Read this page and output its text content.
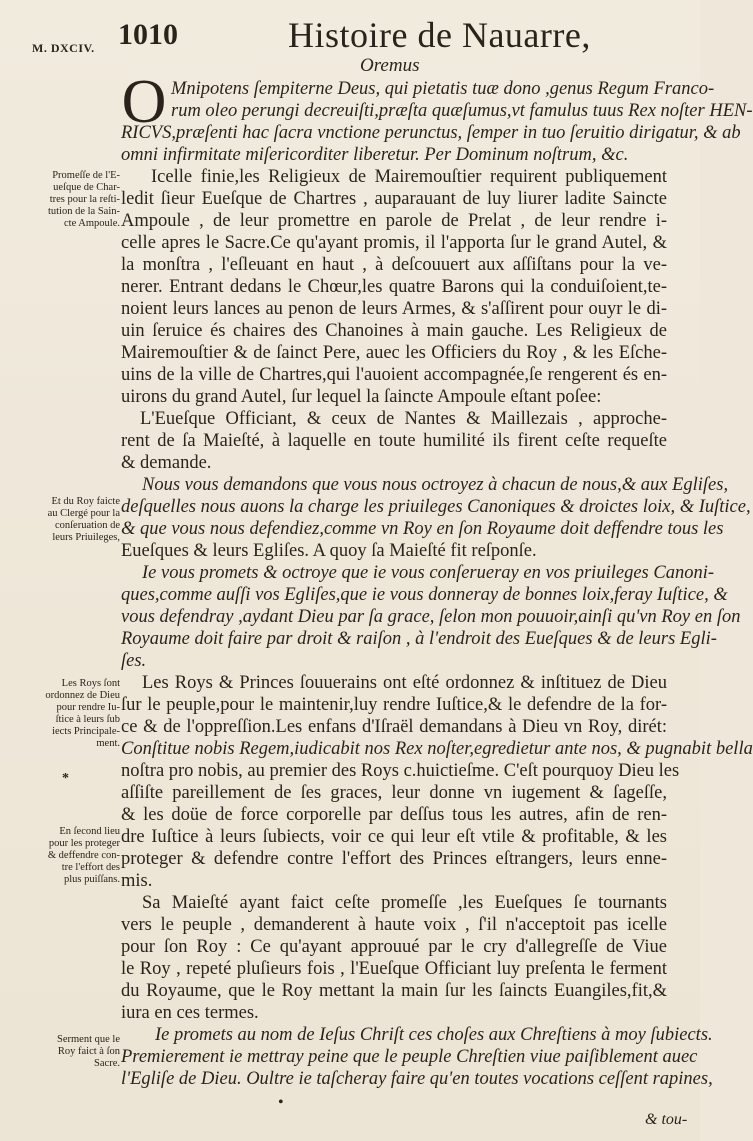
M. DXCIV. 1010	Histoire de Nauarre,
Oremus
O Mnipotens ſempiterne Deus, qui pietatis tuæ dono ,genus Regum Franco-
rum oleo perungi decreuiſti,præſta quæſumus,vt famulus tuus Rex noſter HEN-
RICVS,præſenti hac ſacra vnctione perunctus, ſemper in tuo ſeruitio dirigatur, & ab
omni infirmitate miſericorditer liberetur. Per Dominum noſtrum, &c.
Icelle finie,les Religieux de Mairemouſtier requirent publiquement
ledit ſieur Eueſque de Chartres , auparauant de luy liurer ladite Saincte
Ampoule , de leur promettre en parole de Prelat , de leur rendre i-
celle apres le Sacre.Ce qu'ayant promis, il l'apporta ſur le grand Autel, &
la monſtra , l'eſleuant en haut , à deſcouuert aux aſſiſtans pour la ve-
nerer. Entrant dedans le Chœur,les quatre Barons qui la conduiſoient,te-
noient leurs lances au penon de leurs Armes, & s'aſſirent pour ouyr le di-
uin ſeruice és chaires des Chanoines à main gauche. Les Religieux de
Mairemouſtier & de ſainct Pere, auec les Officiers du Roy , & les Eſche-
uins de la ville de Chartres,qui l'auoient accompagnée,ſe rengerent és en-
uirons du grand Autel, ſur lequel la ſaincte Ampoule eſtant poſee:
L'Eueſque Officiant, & ceux de Nantes & Maillezais , approche-
rent de ſa Maieſté, à laquelle en toute humilité ils firent ceſte requeſte
& demande.
Nous vous demandons que vous nous octroyez à chacun de nous,& aux Egliſes,
deſquelles nous auons la charge les priuileges Canoniques & droictes loix, & Iuſtice,
& que vous nous defendiez,comme vn Roy en ſon Royaume doit deffendre tous les
Eueſques & leurs Egliſes. A quoy ſa Maieſté fit reſponſe.
Ie vous promets & octroye que ie vous conſerueray en vos priuileges Canoni-
ques,comme auſſi vos Egliſes,que ie vous donneray de bonnes loix,feray Iuſtice, &
vous defendray ,aydant Dieu par ſa grace, ſelon mon pouuoir,ainſi qu'vn Roy en ſon
Royaume doit faire par droit & raiſon , à l'endroit des Eueſques & de leurs Egli-
ſes.
Les Roys & Princes ſouuerains ont eſté ordonnez & inſtituez de Dieu
ſur le peuple,pour le maintenir,luy rendre Iuſtice,& le defendre de la for-
ce & de l'oppreſſion.Les enfans d'Iſraël demandans à Dieu vn Roy, dirét:
Conſtitue nobis Regem,iudicabit nos Rex noſter,egredietur ante nos, & pugnabit bella
noſtra pro nobis, au premier des Roys c.huictieſme. C'eſt pourquoy Dieu les
aſſiſte pareillement de ſes graces, leur donne vn iugement & ſageſſe,
& les doüe de force corporelle par deſſus tous les autres, afin de ren-
dre Iuſtice à leurs ſubiects, voir ce qui leur eſt vtile & profitable, & les
proteger & defendre contre l'effort des Princes eſtrangers, leurs enne-
mis.
Sa Maieſté ayant faict ceſte promeſſe ,les Eueſques ſe tournants
vers le peuple , demanderent à haute voix , ſ'il n'acceptoit pas icelle
pour ſon Roy : Ce qu'ayant approuué par le cry d'allegreſſe de Viue
le Roy , repeté pluſieurs fois , l'Eueſque Officiant luy preſenta le ferment
du Royaume, que le Roy mettant la main ſur les ſaincts Euangiles,fit,&
iura en ces termes.
Ie promets au nom de Ieſus Chriſt ces choſes aux Chreſtiens à moy ſubiects.
Premierement ie mettray peine que le peuple Chreſtien viue paiſiblement auec
l'Egliſe de Dieu. Oultre ie taſcheray faire qu'en toutes vocations ceſſent rapines,
& tou-
•
Promeſſe de l'E-
ueſque de Char-
tres pour la reſti-
tution de la Sain-
cte Ampoule.
Et du Roy faicte
au Clergé pour la
conſeruation de
leurs Priuileges,
Les Roys ſont
ordonnez de Dieu
pour rendre Iu-
ſtice à leurs ſub
iects Principale-
ment.
*
En ſecond lieu
pour les proteger
& deffendre con-
tre l'effort des
plus puiſſans.
Serment que le
Roy faict à ſon
Sacre.
